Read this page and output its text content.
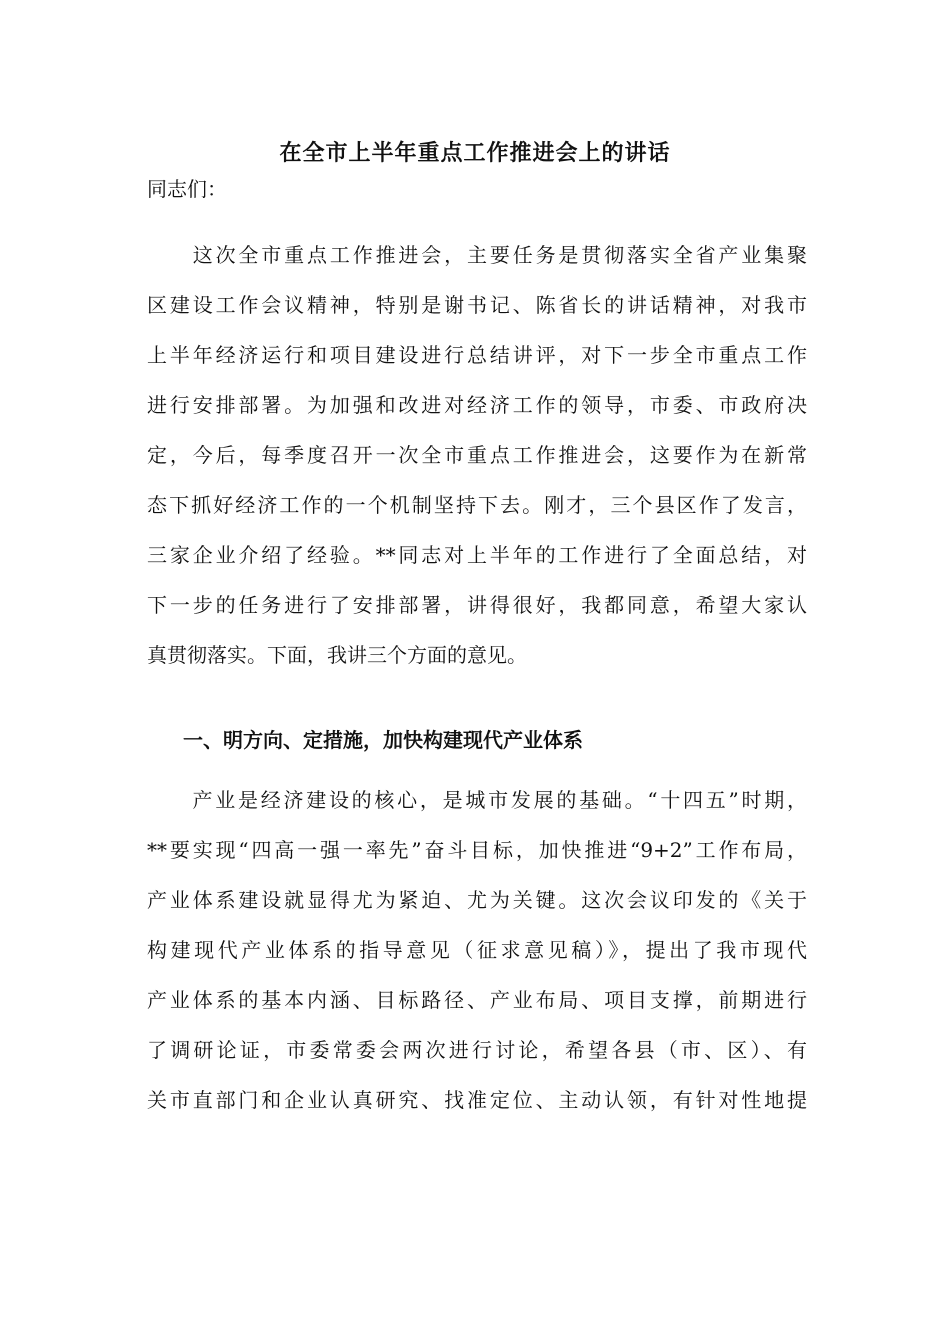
在全市上半年重点工作推进会上的讲话

同志们：

　　这次全市重点工作推进会，主要任务是贯彻落实全省产业集聚
区建设工作会议精神，特别是谢书记、陈省长的讲话精神，对我市
上半年经济运行和项目建设进行总结讲评，对下一步全市重点工作
进行安排部署。为加强和改进对经济工作的领导，市委、市政府决
定，今后，每季度召开一次全市重点工作推进会，这要作为在新常
态下抓好经济工作的一个机制坚持下去。刚才，三个县区作了发言，
三家企业介绍了经验。**同志对上半年的工作进行了全面总结，对
下一步的任务进行了安排部署，讲得很好，我都同意，希望大家认
真贯彻落实。下面，我讲三个方面的意见。
一、明方向、定措施，加快构建现代产业体系
　　产业是经济建设的核心，是城市发展的基础。“十四五”时期，
**要实现“四高一强一率先”奋斗目标，加快推进“9+2”工作布局，
产业体系建设就显得尤为紧迫、尤为关键。这次会议印发的《关于
构建现代产业体系的指导意见（征求意见稿）》，提出了我市现代
产业体系的基本内涵、目标路径、产业布局、项目支撑，前期进行
了调研论证，市委常委会两次进行讨论，希望各县（市、区）、有
关市直部门和企业认真研究、找准定位、主动认领，有针对性地提
